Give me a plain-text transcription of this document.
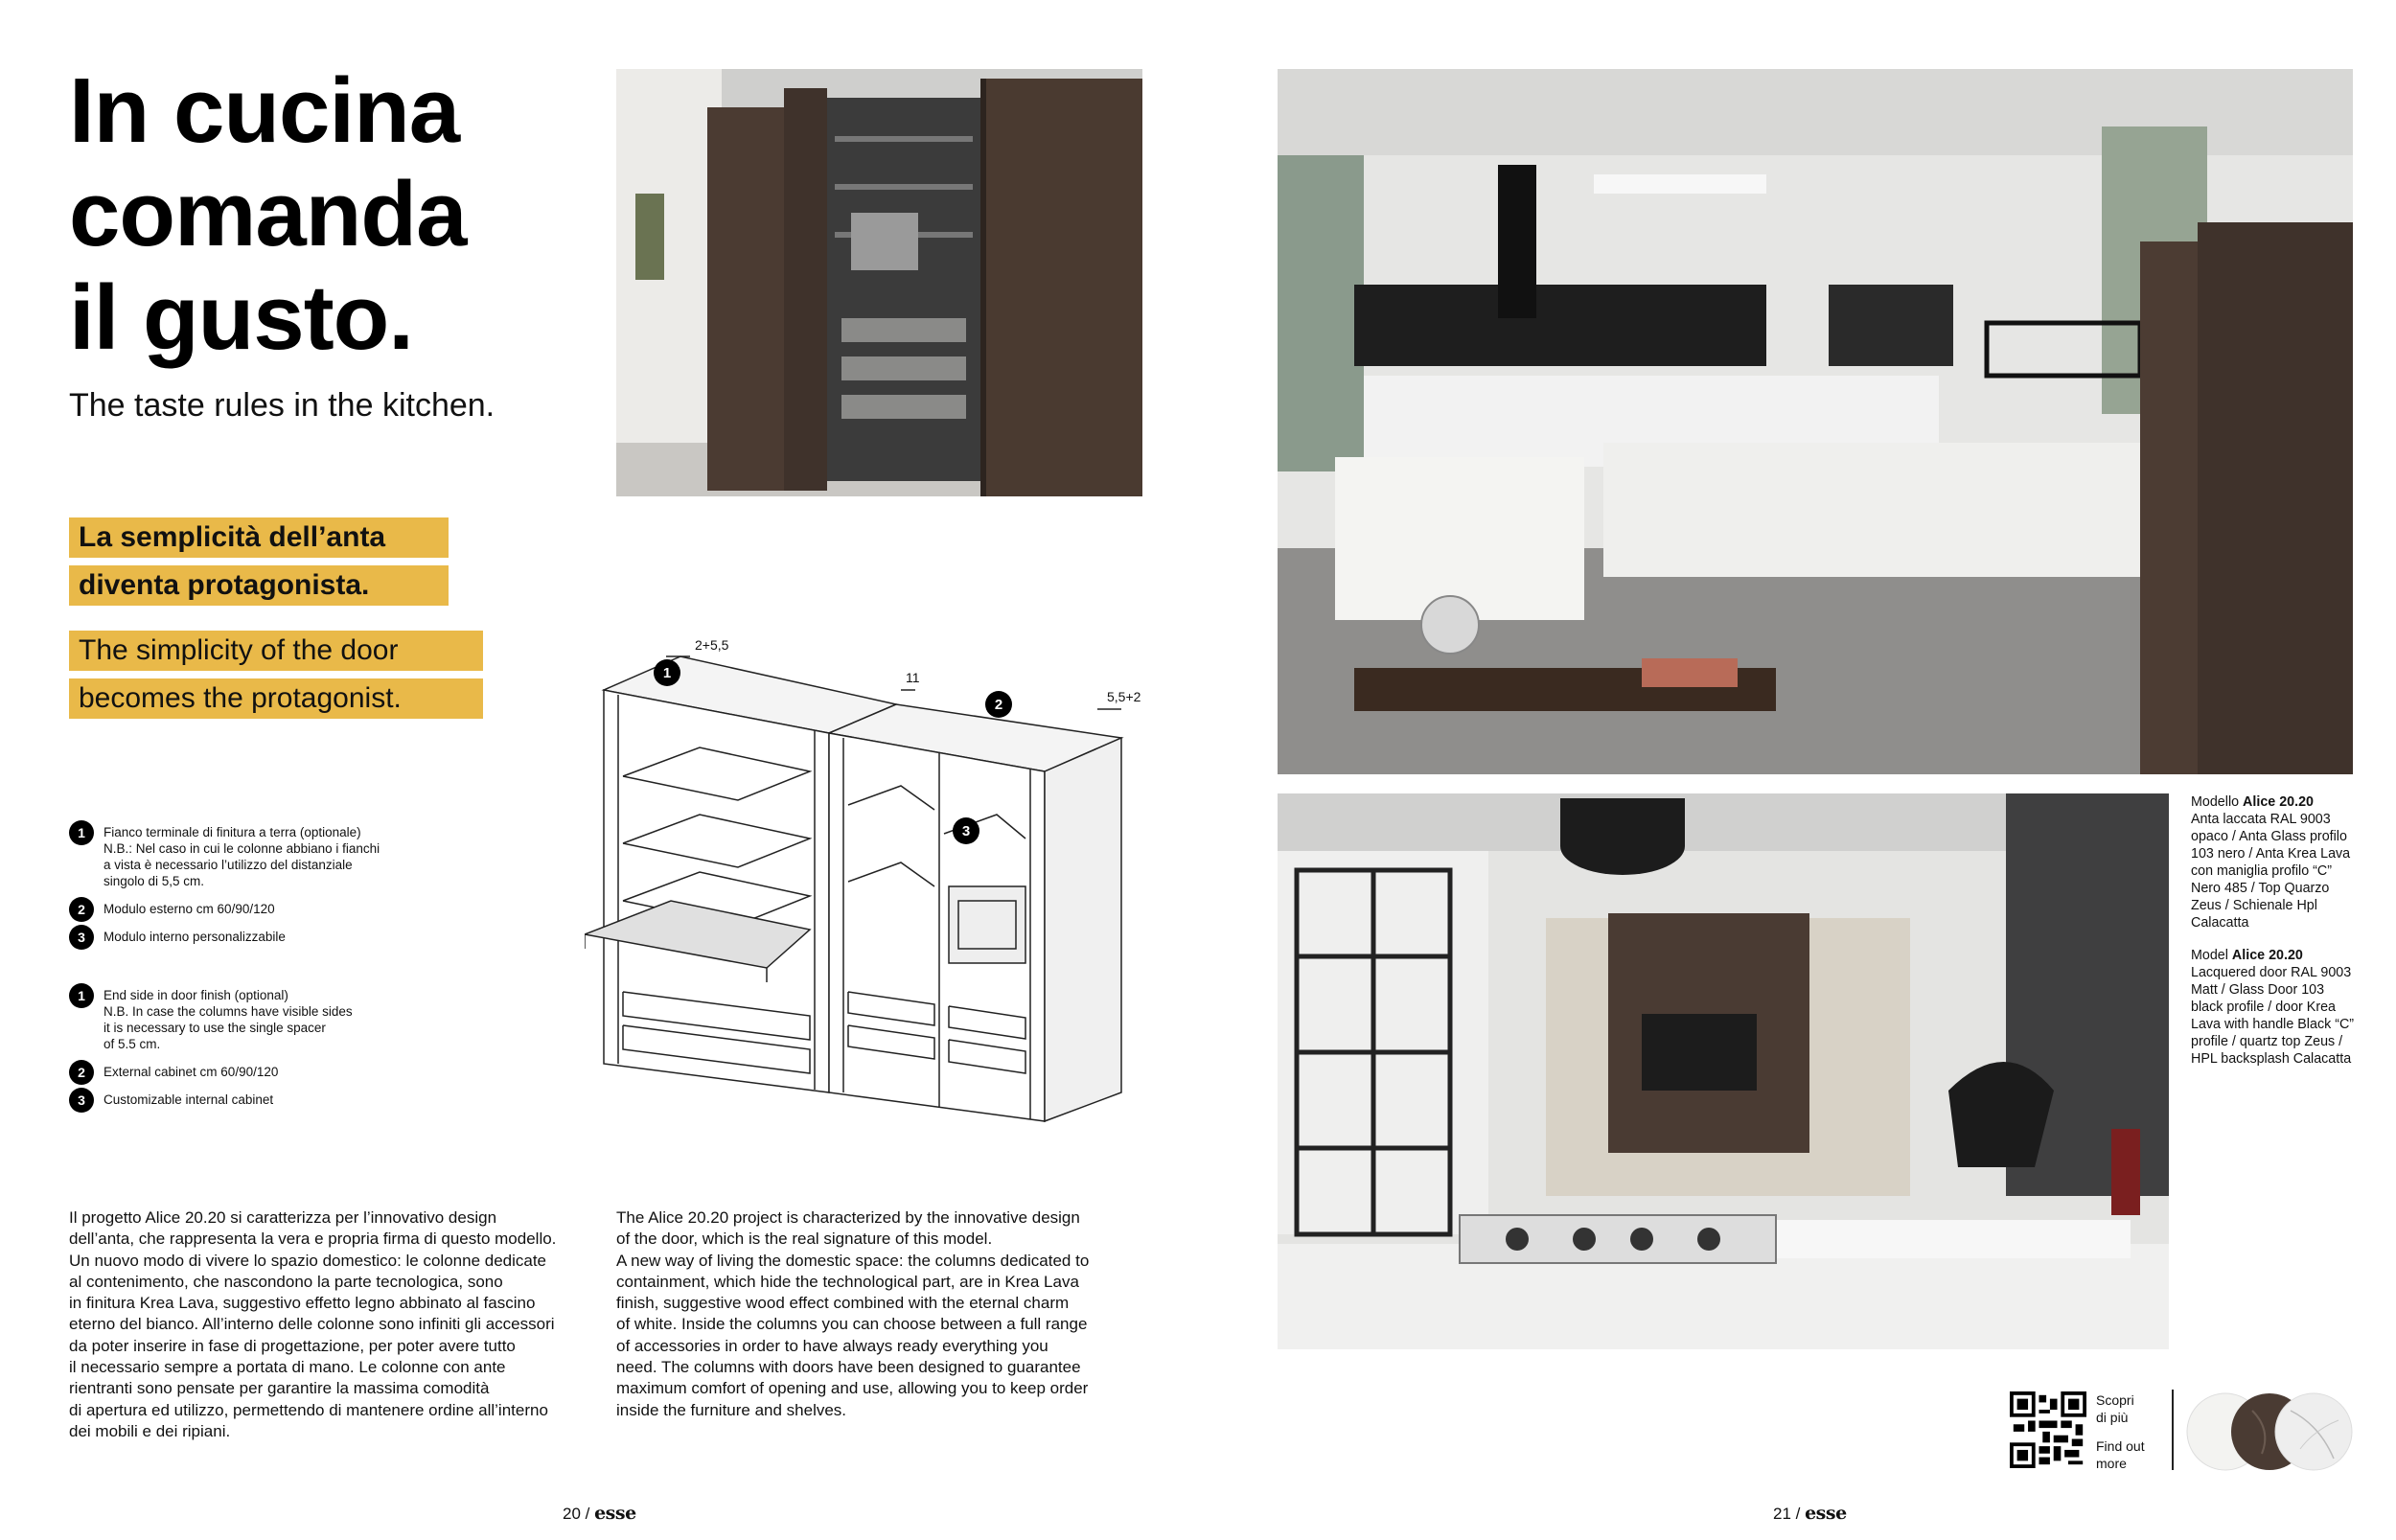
In cucina
comanda
il gusto.
The taste rules in the kitchen.
La semplicità dell’anta
diventa protagonista.
The simplicity of the door
becomes the protagonist.
2+5,5
11
5,5+2
1
2
3
1	Fianco terminale di finitura a terra (optionale)
N.B.: Nel caso in cui le colonne abbiano i fianchi
a vista è necessario l’utilizzo del distanziale
singolo di 5,5 cm.
2	Modulo esterno cm 60/90/120
3	Modulo interno personalizzabile
1	End side in door finish (optional)
N.B. In case the columns have visible sides
it is necessary to use the single spacer
of 5.5 cm.
2	External cabinet cm 60/90/120
3	Customizable internal cabinet
Il progetto Alice 20.20 si caratterizza per l’innovativo design
dell’anta, che rappresenta la vera e propria firma di questo modello.
Un nuovo modo di vivere lo spazio domestico: le colonne dedicate
al contenimento, che nascondono la parte tecnologica, sono
in finitura Krea Lava, suggestivo effetto legno abbinato al fascino
eterno del bianco. All’interno delle colonne sono infiniti gli accessori
da poter inserire in fase di progettazione, per poter avere tutto
il necessario sempre a portata di mano. Le colonne con ante
rientranti sono pensate per garantire la massima comodità
di apertura ed utilizzo, permettendo di mantenere ordine all’interno
dei mobili e dei ripiani.
The Alice 20.20 project is characterized by the innovative design
of the door, which is the real signature of this model.
A new way of living the domestic space: the columns dedicated to
containment, which hide the technological part, are in Krea Lava
finish, suggestive wood effect combined with the eternal charm
of white. Inside the columns you can choose between a full range
of accessories in order to have always ready everything you
need. The columns with doors have been designed to guarantee
maximum comfort of opening and use, allowing you to keep order
inside the furniture and shelves.
20 / esse

Modello Alice 20.20
Anta laccata RAL 9003 opaco / Anta Glass profilo 103 nero / Anta Krea Lava con maniglia profilo “C” Nero 485 / Top Quarzo Zeus / Schienale Hpl Calacatta

Model Alice 20.20
Lacquered door RAL 9003 Matt / Glass Door 103 black profile / door Krea Lava with handle Black “C” profile / quartz top Zeus / HPL backsplash Calacatta

Scopri
di più
Find out
more
21 / esse
